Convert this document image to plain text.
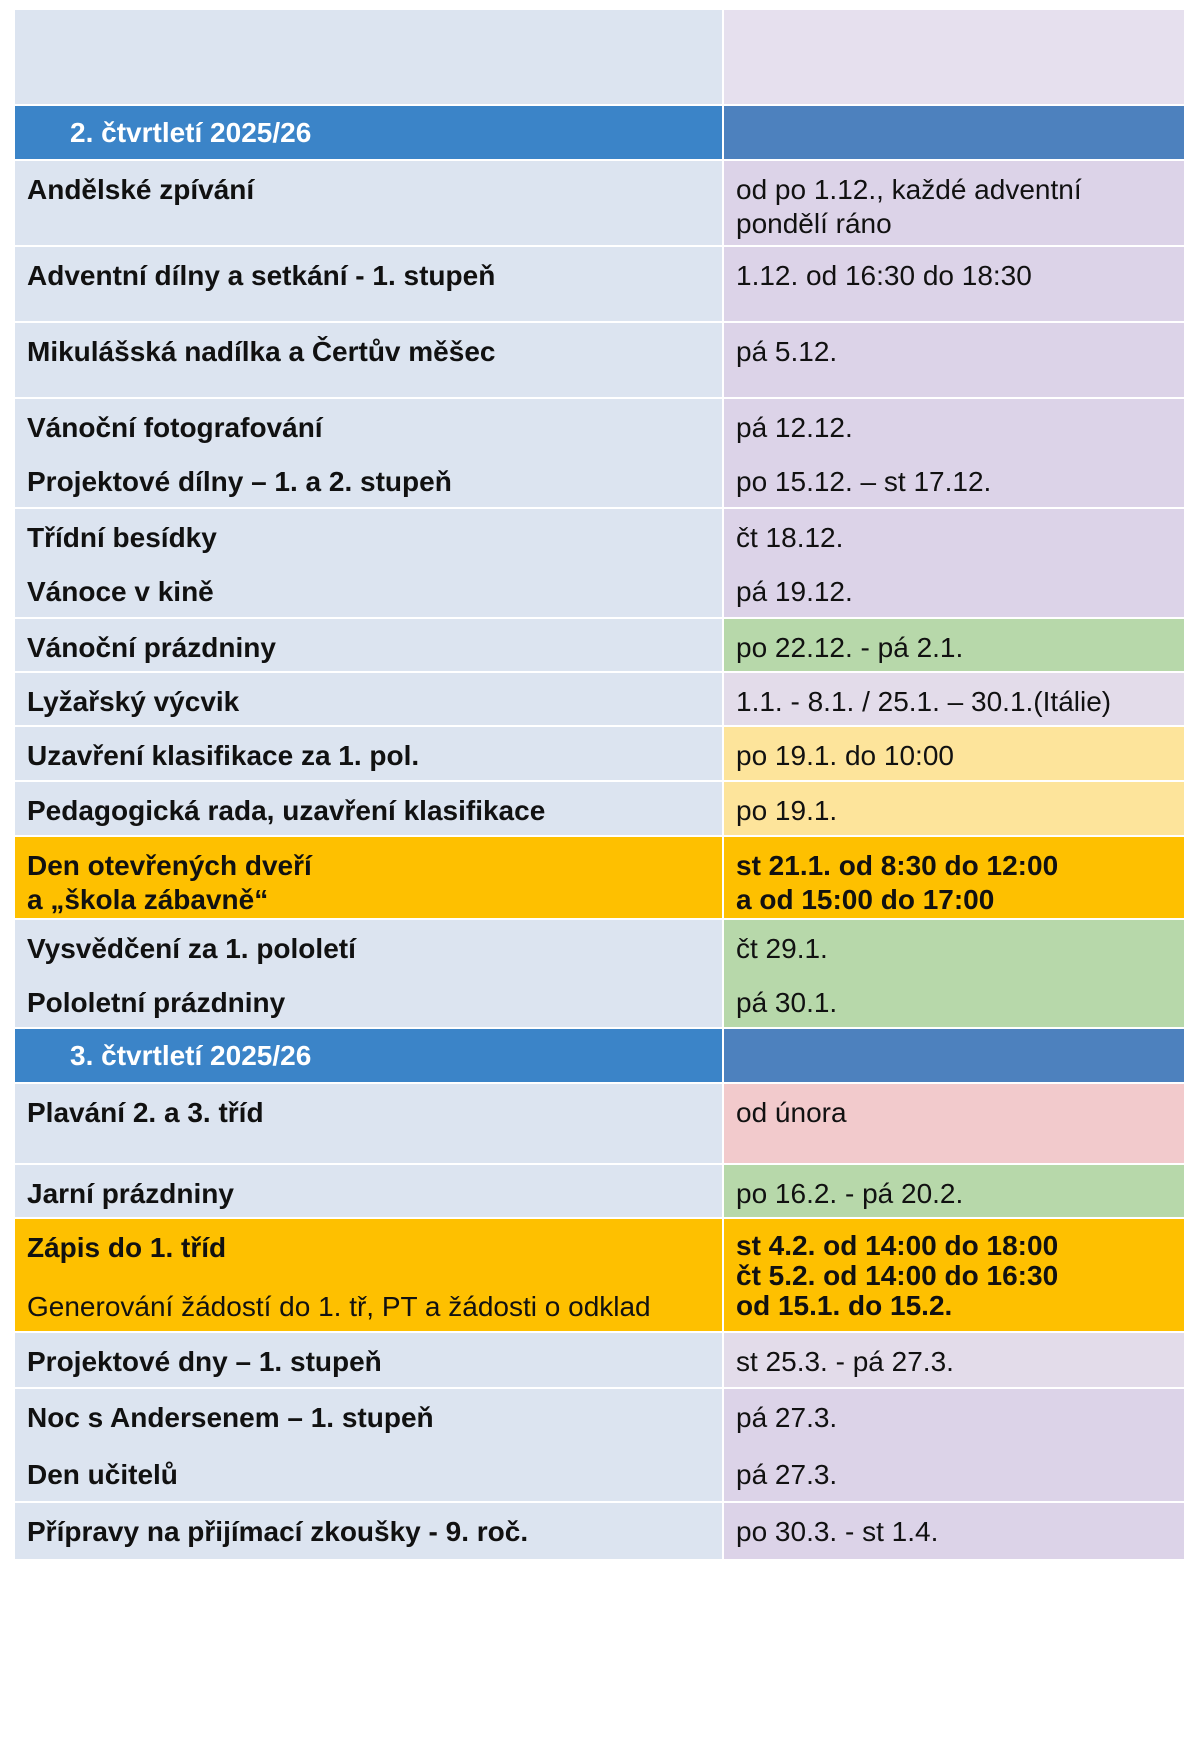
2. čtvrtletí 2025/26	
Andělské zpívání	od po 1.12., každé adventní
pondělí ráno

Adventní dílny a setkání - 1. stupeň	1.12. od 16:30 do 18:30
Mikulášská nadílka a Čertův měšec	pá 5.12.
Vánoční fotografování	pá 12.12.
Projektové dílny – 1. a 2. stupeň	po 15.12. – st 17.12.
Třídní besídky	čt 18.12.
Vánoce v kině	pá 19.12.
Vánoční prázdniny	po 22.12. - pá 2.1.
Lyžařský výcvik	1.1. - 8.1. / 25.1. – 30.1.(Itálie)
Uzavření klasifikace za 1. pol.	po 19.1. do 10:00
Pedagogická rada, uzavření klasifikace	po 19.1.

Den otevřených dveří
a „škola zábavně“	st 21.1. od 8:30 do 12:00
a od 15:00 do 17:00

Vysvědčení za 1. pololetí	čt 29.1.
Pololetní prázdniny	pá 30.1.
3. čtvrtletí 2025/26	
Plavání 2. a 3. tříd	od února
Jarní prázdniny	po 16.2. - pá 20.2.

Zápis do 1. tříd
Generování žádostí do 1. tř, PT a žádosti o odklad	st 4.2. od 14:00 do 18:00
čt 5.2. od 14:00 do 16:30
od 15.1. do 15.2.

Projektové dny – 1. stupeň	st 25.3. - pá 27.3.
Noc s Andersenem – 1. stupeň	pá 27.3.
Den učitelů	pá 27.3.
Přípravy na přijímací zkoušky - 9. roč.	po 30.3. - st 1.4.
